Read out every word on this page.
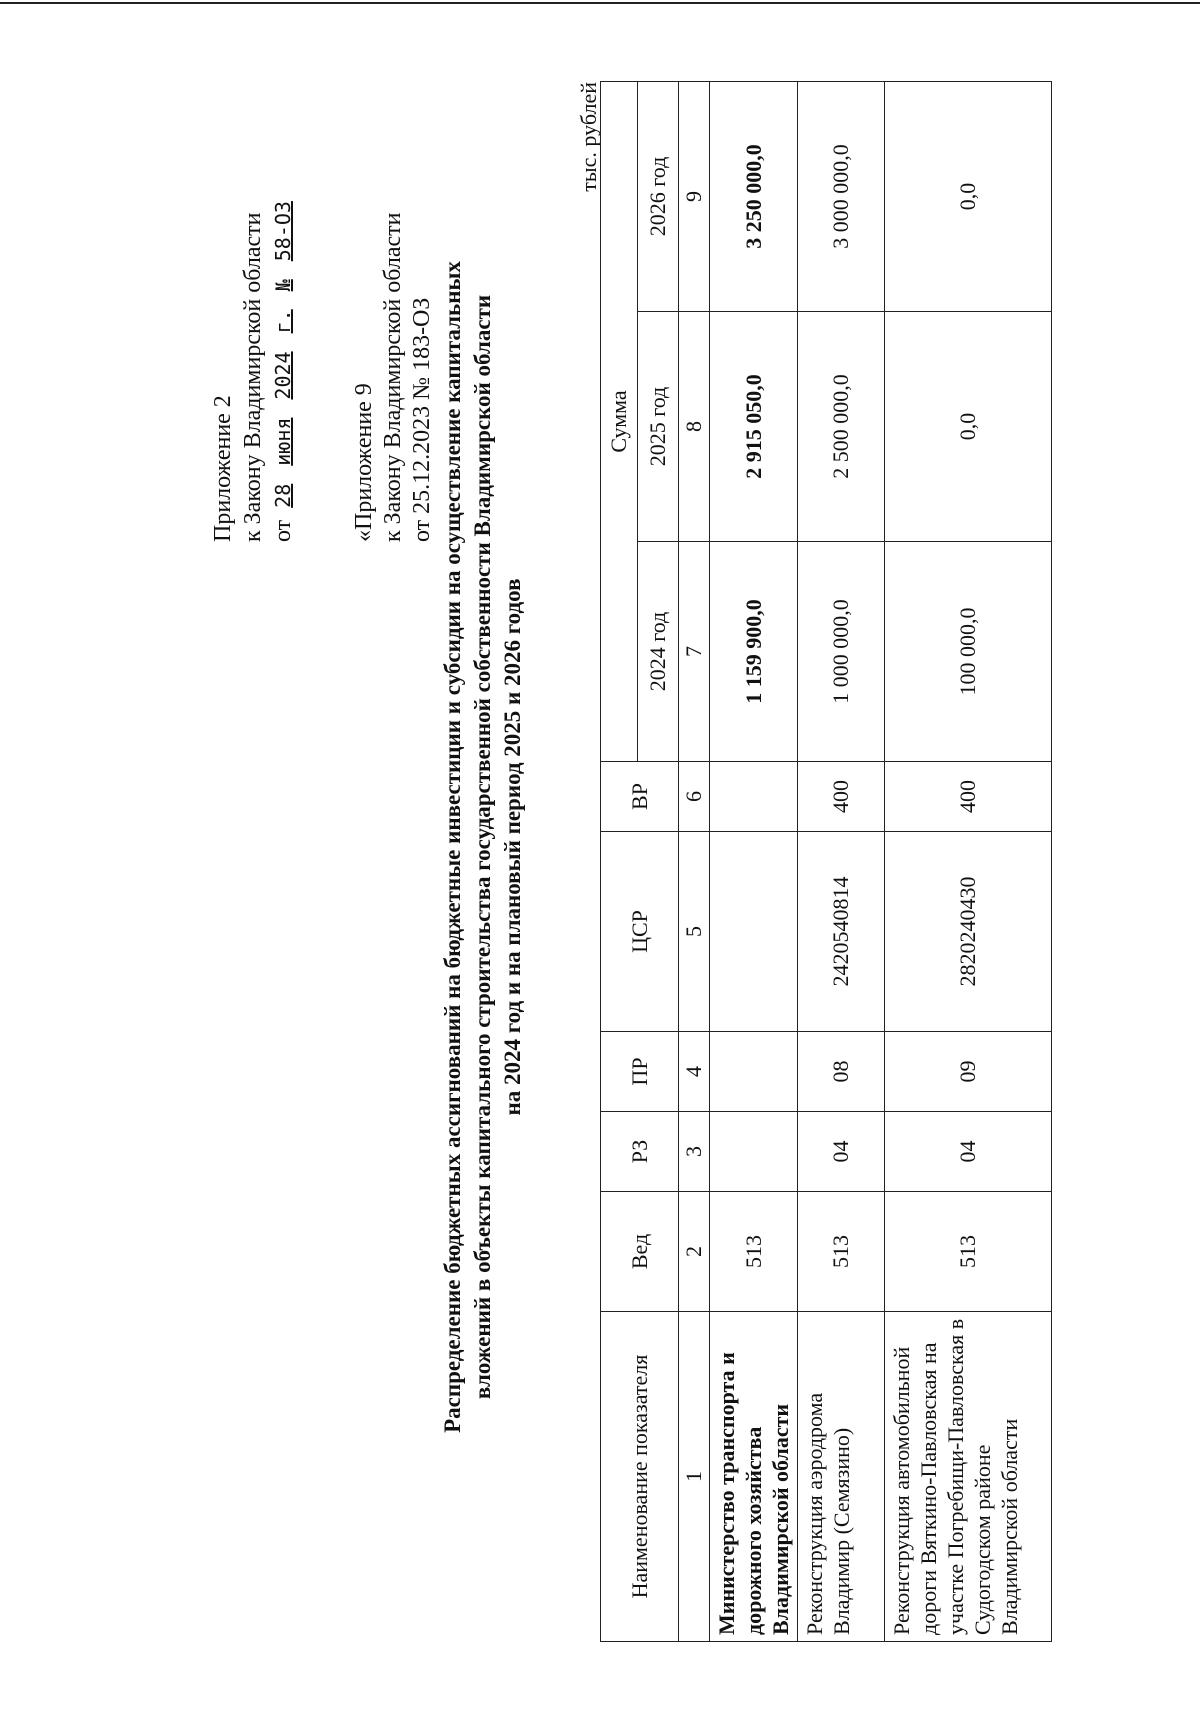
Приложение 2 к Закону Владимирской области от 28 июня 2024 г. № 58-ОЗ
«Приложение 9 к Закону Владимирской области от 25.12.2023 № 183-ОЗ Распределение бюджетных ассигнований на бюджетные инвестиции и субсидии на осуществление капитальных вложений в объекты капитального строительства государственной собственности Владимирской области на 2024 год и на плановый период 2025 и 2026 годов
тыс. рублей
Наименование показателя	Вед	РЗ	ПР	ЦСР	ВР	Сумма		
						2024 год	2025 год	2026 год
1	2	3	4	5	6	7	8	9
Министерство транспорта и дорожного хозяйства Владимирской области	513					1 159 900,0	2 915 050,0	3 250 000,0
Реконструкция аэродрома Владимир (Семязино)	513	04	08	2420540814	400	1 000 000,0	2 500 000,0	3 000 000,0
Реконструкция автомобильной дороги Вяткино-Павловская на участке Погребищи-Павловская в Судогодском районе Владимирской области	513	04	09	2820240430	400	100 000,0	0,0	0,0
